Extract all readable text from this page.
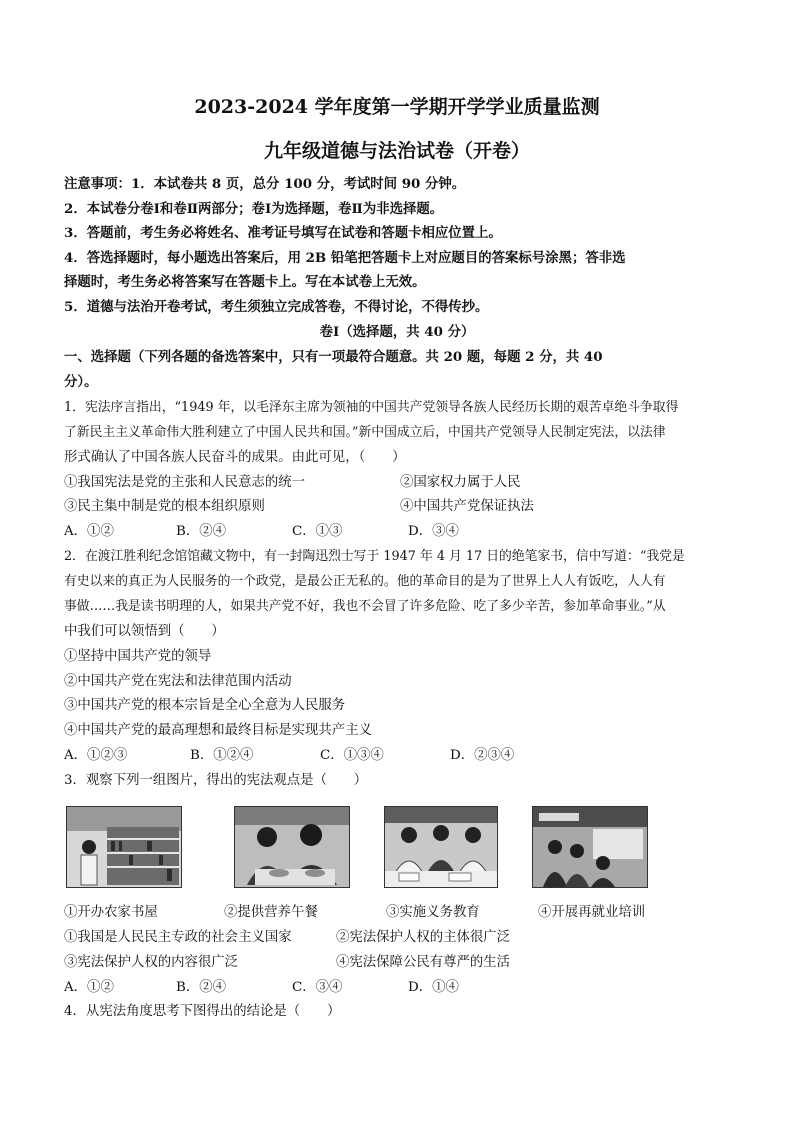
2023-2024 学年度第一学期开学学业质量监测
九年级道德与法治试卷（开卷）
注意事项：1．本试卷共 8 页，总分 100 分，考试时间 90 分钟。
2．本试卷分卷Ⅰ和卷Ⅱ两部分；卷Ⅰ为选择题，卷Ⅱ为非选择题。
3．答题前，考生务必将姓名、准考证号填写在试卷和答题卡相应位置上。
4．答选择题时，每小题选出答案后，用 2B 铅笔把答题卡上对应题目的答案标号涂黑；答非选
择题时，考生务必将答案写在答题卡上。写在本试卷上无效。
5．道德与法治开卷考试，考生须独立完成答卷，不得讨论，不得传抄。
卷Ⅰ（选择题，共 40 分）
一、选择题（下列各题的备选答案中，只有一项最符合题意。共 20 题，每题 2 分，共 40
分）。
1．宪法序言指出，“1949 年，以毛泽东主席为领袖的中国共产党领导各族人民经历长期的艰苦卓绝斗争取得
了新民主主义革命伟大胜利建立了中国人民共和国。”新中国成立后，中国共产党领导人民制定宪法，以法律
形式确认了中国各族人民奋斗的成果。由此可见，（　　）
①我国宪法是党的主张和人民意志的统一	②国家权力属于人民
③民主集中制是党的根本组织原则	④中国共产党保证执法
A．①②	B．②④	C．①③	D．③④
2．在渡江胜利纪念馆馆藏文物中，有一封陶迅烈士写于 1947 年 4 月 17 日的绝笔家书，信中写道：“我党是
有史以来的真正为人民服务的一个政党，是最公正无私的。他的革命目的是为了世界上人人有饭吃，人人有
事做……我是读书明理的人，如果共产党不好，我也不会冒了许多危险、吃了多少辛苦，参加革命事业。”从
中我们可以领悟到（　　）
①坚持中国共产党的领导
②中国共产党在宪法和法律范围内活动
③中国共产党的根本宗旨是全心全意为人民服务
④中国共产党的最高理想和最终目标是实现共产主义
A．①②③	B．①②④	C．①③④	D．②③④
3．观察下列一组图片，得出的宪法观点是（　　）
①开办农家书屋	②提供营养午餐	③实施义务教育	④开展再就业培训
①我国是人民民主专政的社会主义国家	②宪法保护人权的主体很广泛
③宪法保护人权的内容很广泛	④宪法保障公民有尊严的生活
A．①②	B．②④	C．③④	D．①④
4．从宪法角度思考下图得出的结论是（　　）
